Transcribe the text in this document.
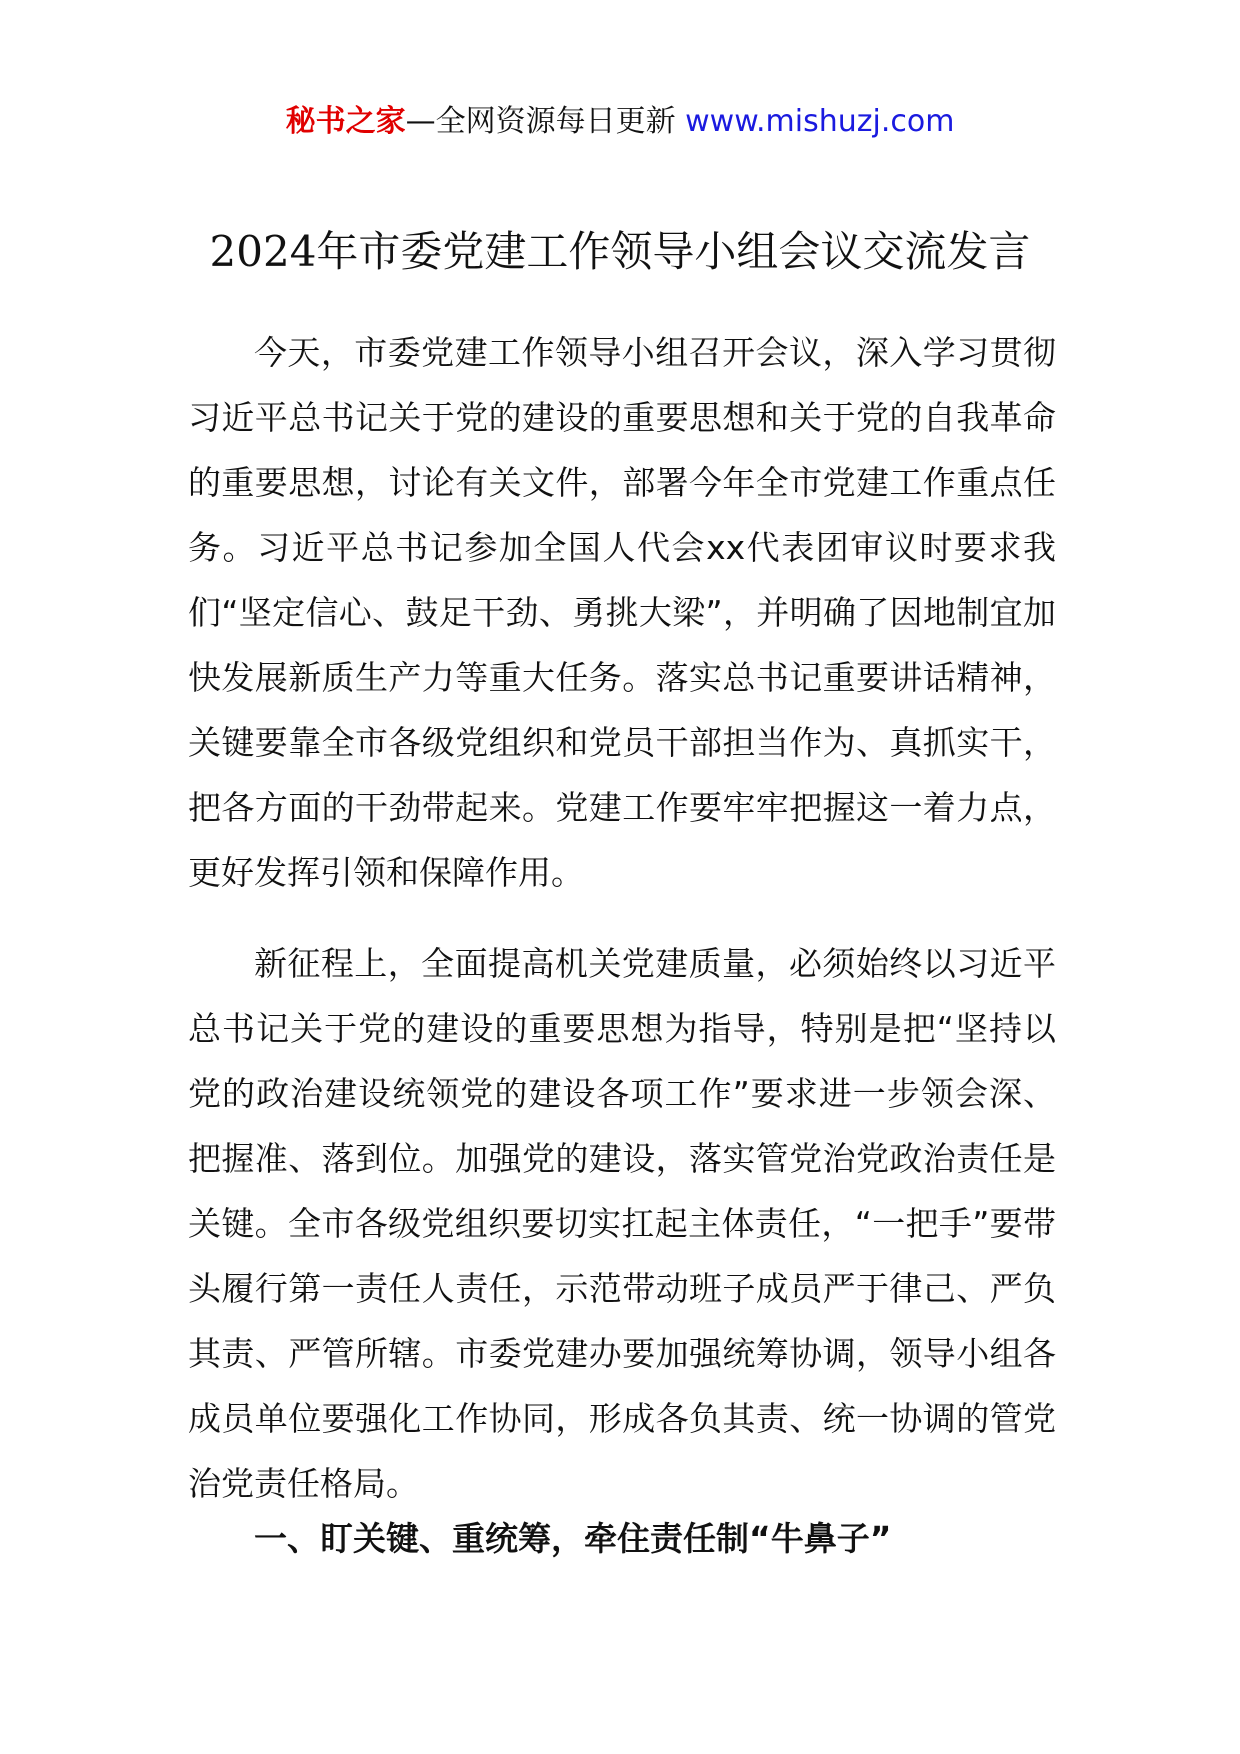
秘书之家—全网资源每日更新 www.mishuzj.com
2024年市委党建工作领导小组会议交流发言

今天，市委党建工作领导小组召开会议，深入学习贯彻习近平总书记关于党的建设的重要思想和关于党的自我革命的重要思想，讨论有关文件，部署今年全市党建工作重点任务。习近平总书记参加全国人代会xx代表团审议时要求我们“坚定信心、鼓足干劲、勇挑大梁”，并明确了因地制宜加快发展新质生产力等重大任务。落实总书记重要讲话精神，关键要靠全市各级党组织和党员干部担当作为、真抓实干，把各方面的干劲带起来。党建工作要牢牢把握这一着力点，更好发挥引领和保障作用。

新征程上，全面提高机关党建质量，必须始终以习近平总书记关于党的建设的重要思想为指导，特别是把“坚持以党的政治建设统领党的建设各项工作”要求进一步领会深、把握准、落到位。加强党的建设，落实管党治党政治责任是关键。全市各级党组织要切实扛起主体责任，“一把手”要带头履行第一责任人责任，示范带动班子成员严于律己、严负其责、严管所辖。市委党建办要加强统筹协调，领导小组各成员单位要强化工作协同，形成各负其责、统一协调的管党治党责任格局。

一、盯关键、重统筹，牵住责任制“牛鼻子”
